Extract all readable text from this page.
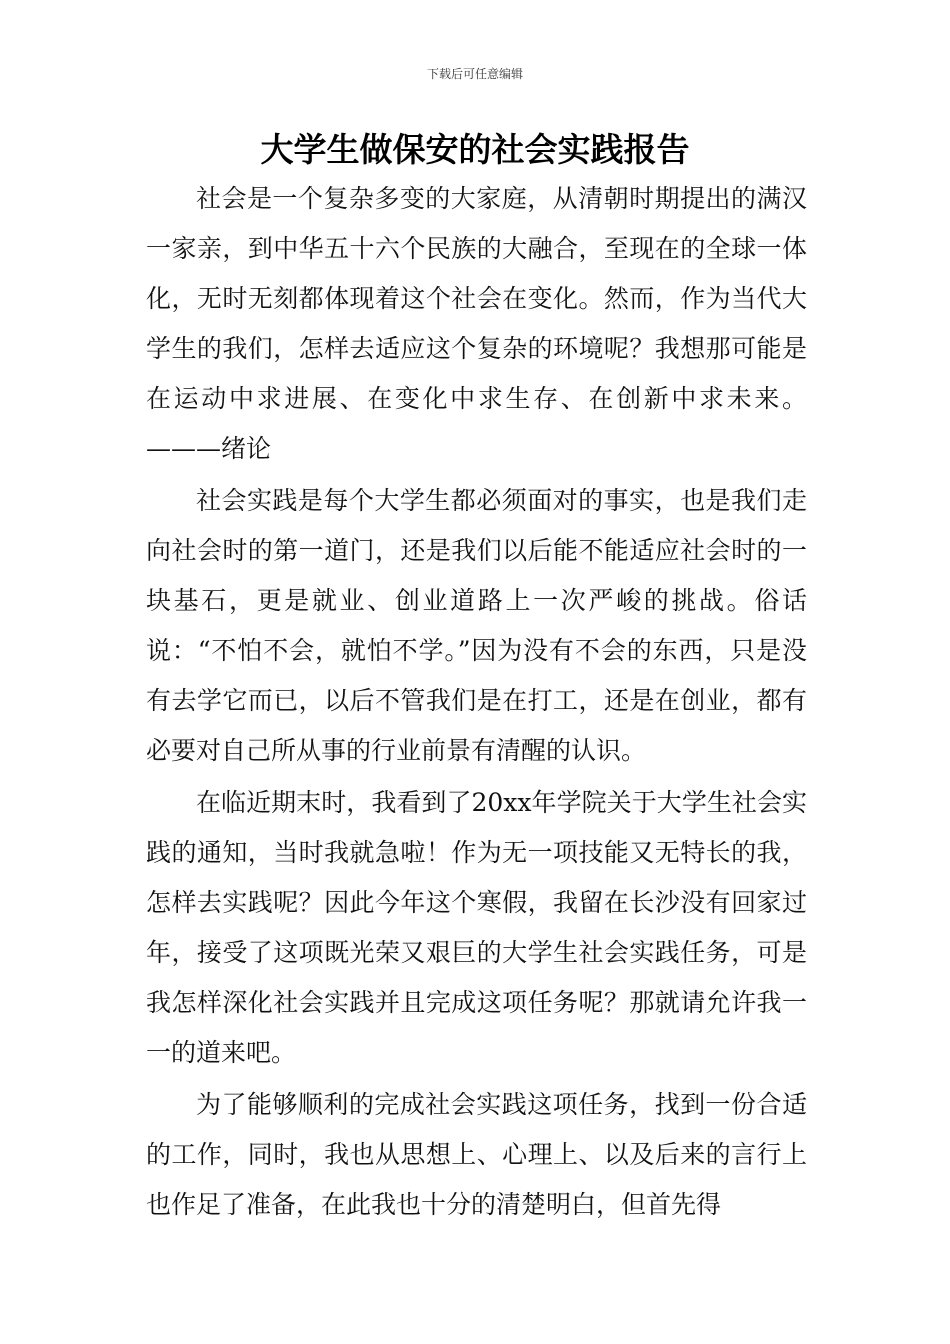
下载后可任意编辑
大学生做保安的社会实践报告

社会是一个复杂多变的大家庭，从清朝时期提出的满汉一家亲，到中华五十六个民族的大融合，至现在的全球一体化，无时无刻都体现着这个社会在变化。然而，作为当代大学生的我们，怎样去适应这个复杂的环境呢？我想那可能是在运动中求进展、在变化中求生存、在创新中求未来。———绪论

社会实践是每个大学生都必须面对的事实，也是我们走向社会时的第一道门，还是我们以后能不能适应社会时的一块基石，更是就业、创业道路上一次严峻的挑战。俗话说：“不怕不会，就怕不学。”因为没有不会的东西，只是没有去学它而已，以后不管我们是在打工，还是在创业，都有必要对自己所从事的行业前景有清醒的认识。

在临近期末时，我看到了20xx年学院关于大学生社会实践的通知，当时我就急啦！作为无一项技能又无特长的我，怎样去实践呢？因此今年这个寒假，我留在长沙没有回家过年，接受了这项既光荣又艰巨的大学生社会实践任务，可是我怎样深化社会实践并且完成这项任务呢？那就请允许我一一的道来吧。

为了能够顺利的完成社会实践这项任务，找到一份合适的工作，同时，我也从思想上、心理上、以及后来的言行上也作足了准备，在此我也十分的清楚明白，但首先得
